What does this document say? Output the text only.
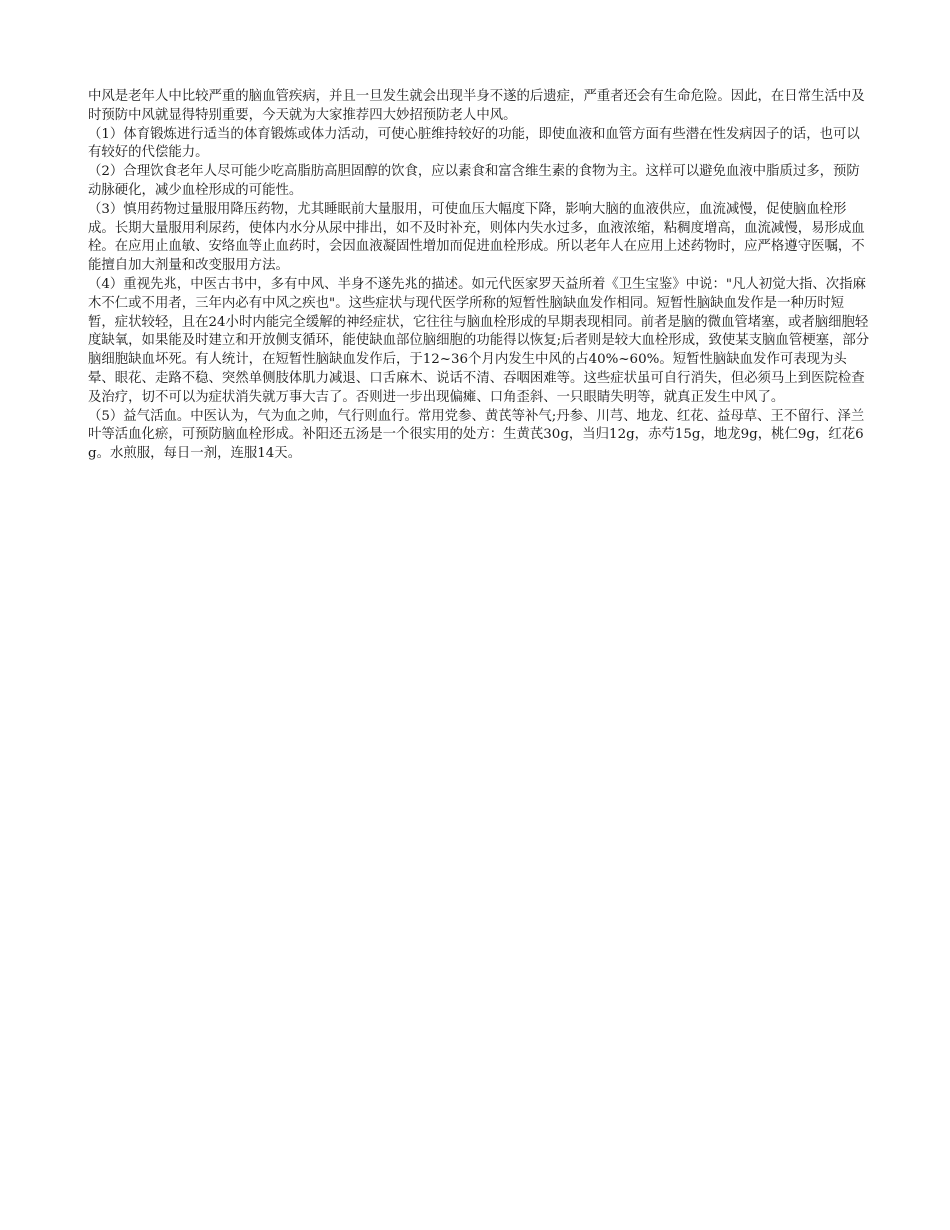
中风是老年人中比较严重的脑血管疾病，并且一旦发生就会出现半身不遂的后遗症，严重者还会有生命危险。因此，在日常生活中及时预防中风就显得特别重要，今天就为大家推荐四大妙招预防老人中风。

（1）体育锻炼进行适当的体育锻炼或体力活动，可使心脏维持较好的功能，即使血液和血管方面有些潜在性发病因子的话，也可以有较好的代偿能力。

（2）合理饮食老年人尽可能少吃高脂肪高胆固醇的饮食，应以素食和富含维生素的食物为主。这样可以避免血液中脂质过多，预防动脉硬化，减少血栓形成的可能性。

（3）慎用药物过量服用降压药物，尤其睡眠前大量服用，可使血压大幅度下降，影响大脑的血液供应，血流减慢，促使脑血栓形成。长期大量服用利尿药，使体内水分从尿中排出，如不及时补充，则体内失水过多，血液浓缩，粘稠度增高，血流减慢，易形成血栓。在应用止血敏、安络血等止血药时，会因血液凝固性增加而促进血栓形成。所以老年人在应用上述药物时，应严格遵守医嘱，不能擅自加大剂量和改变服用方法。

（4）重视先兆，中医古书中，多有中风、半身不遂先兆的描述。如元代医家罗天益所着《卫生宝鉴》中说："凡人初觉大指、次指麻木不仁或不用者，三年内必有中风之疾也"。这些症状与现代医学所称的短暂性脑缺血发作相同。短暂性脑缺血发作是一种历时短暂，症状较轻，且在24小时内能完全缓解的神经症状，它往往与脑血栓形成的早期表现相同。前者是脑的微血管堵塞，或者脑细胞轻度缺氧，如果能及时建立和开放侧支循环，能使缺血部位脑细胞的功能得以恢复;后者则是较大血栓形成，致使某支脑血管梗塞，部分脑细胞缺血坏死。有人统计，在短暂性脑缺血发作后，于12~36个月内发生中风的占40%~60%。短暂性脑缺血发作可表现为头晕、眼花、走路不稳、突然单侧肢体肌力减退、口舌麻木、说话不清、吞咽困难等。这些症状虽可自行消失，但必须马上到医院检查及治疗，切不可以为症状消失就万事大吉了。否则进一步出现偏瘫、口角歪斜、一只眼睛失明等，就真正发生中风了。

（5）益气活血。中医认为，气为血之帅，气行则血行。常用党参、黄芪等补气;丹参、川芎、地龙、红花、益母草、王不留行、泽兰叶等活血化瘀，可预防脑血栓形成。补阳还五汤是一个很实用的处方：生黄芪30g，当归12g，赤芍15g，地龙9g，桃仁9g，红花6g。水煎服，每日一剂，连服14天。
